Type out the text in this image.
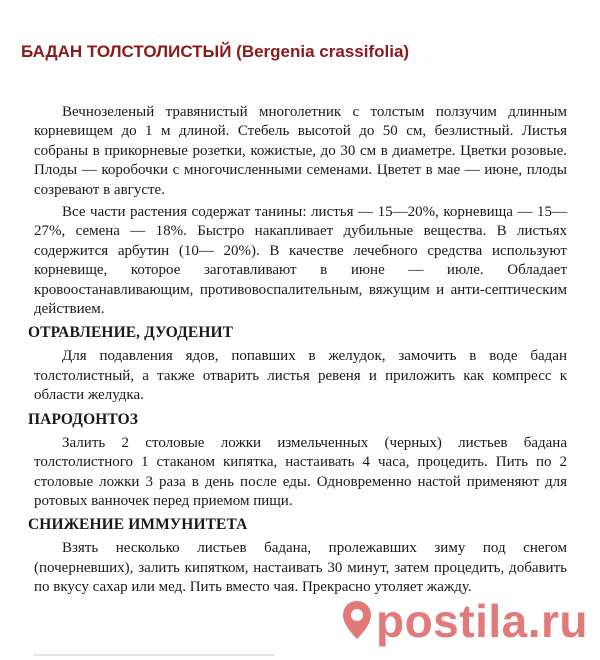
БАДАН ТОЛСТОЛИСТЫЙ (Bergenia crassifolia)

Вечнозеленый травянистый многолетник с толстым ползучим длинным корневищем до 1 м длиной. Стебель высотой до 50 см, безлистный. Листья собраны в прикорневые розетки, кожистые, до 30 см в диаметре. Цветки розовые. Плоды — коробочки с многочисленными семенами. Цветет в мае — июне, плоды созревают в августе.

Все части растения содержат танины: листья — 15—20%, корневища — 15—27%, семена — 18%. Быстро накапливает дубильные вещества. В листьях содержится арбутин (10— 20%). В качестве лечебного средства используют корневище, которое заготавливают в июне — июле. Обладает кровоостанавливающим, противовоспалительным, вяжущим и анти-септическим действием.

ОТРАВЛЕНИЕ, ДУОДЕНИТ

Для подавления ядов, попавших в желудок, замочить в воде бадан толстолистный, а также отварить листья ревеня и приложить как компресс к области желудка.

ПАРОДОНТОЗ

Залить 2 столовые ложки измельченных (черных) листьев бадана толстолистного 1 стаканом кипятка, настаивать 4 часа, процедить. Пить по 2 столовые ложки 3 раза в день после еды. Одновременно настой применяют для ротовых ванночек перед приемом пищи.

СНИЖЕНИЕ ИММУНИТЕТА

Взять несколько листьев бадана, пролежавших зиму под снегом (почерневших), залить кипятком, настаивать 30 минут, затем процедить, добавить по вкусу сахар или мед. Пить вместо чая. Прекрасно утоляет жажду.

postila.ru
